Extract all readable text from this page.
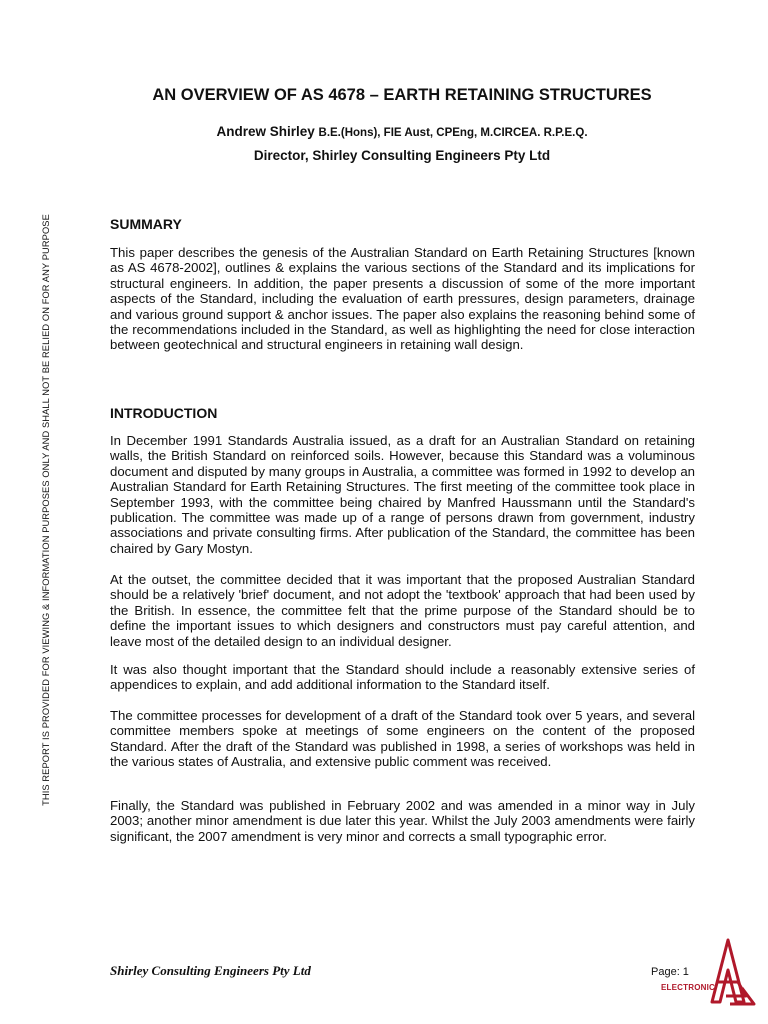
THIS REPORT IS PROVIDED FOR VIEWING & INFORMATION PURPOSES ONLY AND SHALL NOT BE RELIED ON FOR ANY PURPOSE
AN OVERVIEW OF AS 4678 – EARTH RETAINING STRUCTURES

Andrew Shirley B.E.(Hons), FIE Aust, CPEng, M.CIRCEA. R.P.E.Q.

Director, Shirley Consulting Engineers Pty Ltd

SUMMARY

This paper describes the genesis of the Australian Standard on Earth Retaining Structures [known as AS 4678-2002], outlines & explains the various sections of the Standard and its implications for structural engineers. In addition, the paper presents a discussion of some of the more important aspects of the Standard, including the evaluation of earth pressures, design parameters, drainage and various ground support & anchor issues. The paper also explains the reasoning behind some of the recommendations included in the Standard, as well as highlighting the need for close interaction between geotechnical and structural engineers in retaining wall design.

INTRODUCTION

In December 1991 Standards Australia issued, as a draft for an Australian Standard on retaining walls, the British Standard on reinforced soils. However, because this Standard was a voluminous document and disputed by many groups in Australia, a committee was formed in 1992 to develop an Australian Standard for Earth Retaining Structures. The first meeting of the committee took place in September 1993, with the committee being chaired by Manfred Haussmann until the Standard's publication. The committee was made up of a range of persons drawn from government, industry associations and private consulting firms. After publication of the Standard, the committee has been chaired by Gary Mostyn.

At the outset, the committee decided that it was important that the proposed Australian Standard should be a relatively 'brief' document, and not adopt the 'textbook' approach that had been used by the British. In essence, the committee felt that the prime purpose of the Standard should be to define the important issues to which designers and constructors must pay careful attention, and leave most of the detailed design to an individual designer.

It was also thought important that the Standard should include a reasonably extensive series of appendices to explain, and add additional information to the Standard itself.

The committee processes for development of a draft of the Standard took over 5 years, and several committee members spoke at meetings of some engineers on the content of the proposed Standard. After the draft of the Standard was published in 1998, a series of workshops was held in the various states of Australia, and extensive public comment was received.

Finally, the Standard was published in February 2002 and was amended in a minor way in July 2003; another minor amendment is due later this year. Whilst the July 2003 amendments were fairly significant, the 2007 amendment is very minor and corrects a small typographic error.

Shirley Consulting Engineers Pty Ltd	Page: 1
ELECTRONIC
